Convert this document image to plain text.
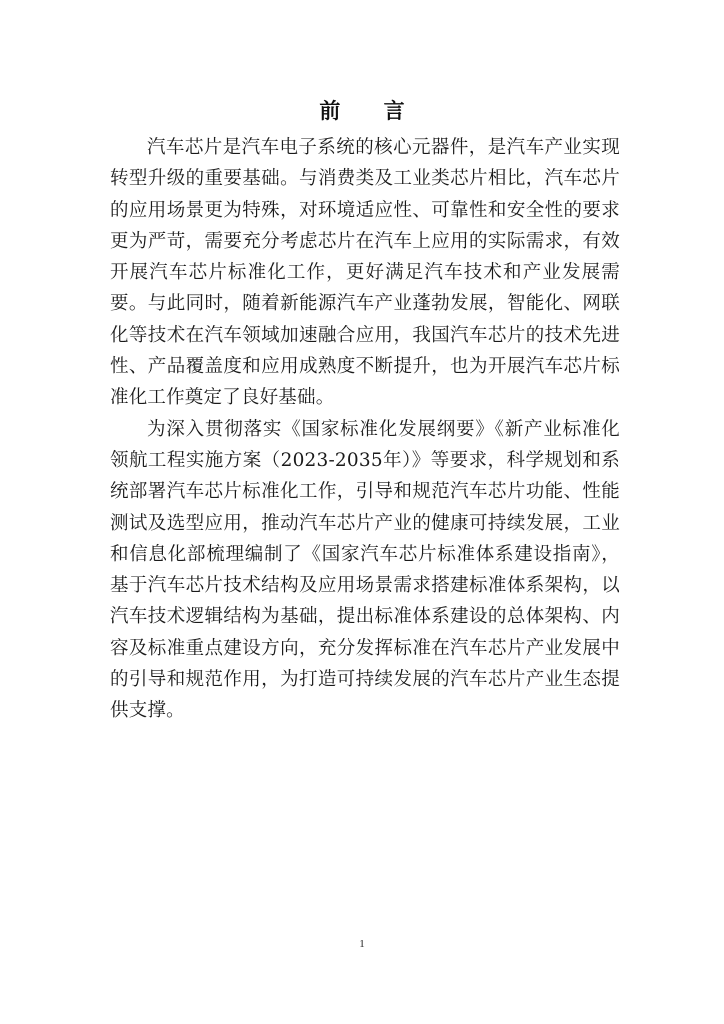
前 言

汽车芯片是汽车电子系统的核心元器件，是汽车产业实现转型升级的重要基础。与消费类及工业类芯片相比，汽车芯片的应用场景更为特殊，对环境适应性、可靠性和安全性的要求更为严苛，需要充分考虑芯片在汽车上应用的实际需求，有效开展汽车芯片标准化工作，更好满足汽车技术和产业发展需要。与此同时，随着新能源汽车产业蓬勃发展，智能化、网联化等技术在汽车领域加速融合应用，我国汽车芯片的技术先进性、产品覆盖度和应用成熟度不断提升，也为开展汽车芯片标准化工作奠定了良好基础。

为深入贯彻落实《国家标准化发展纲要》《新产业标准化领航工程实施方案（2023-2035年）》等要求，科学规划和系统部署汽车芯片标准化工作，引导和规范汽车芯片功能、性能测试及选型应用，推动汽车芯片产业的健康可持续发展，工业和信息化部梳理编制了《国家汽车芯片标准体系建设指南》，基于汽车芯片技术结构及应用场景需求搭建标准体系架构，以汽车技术逻辑结构为基础，提出标准体系建设的总体架构、内容及标准重点建设方向，充分发挥标准在汽车芯片产业发展中的引导和规范作用，为打造可持续发展的汽车芯片产业生态提供支撑。

1
